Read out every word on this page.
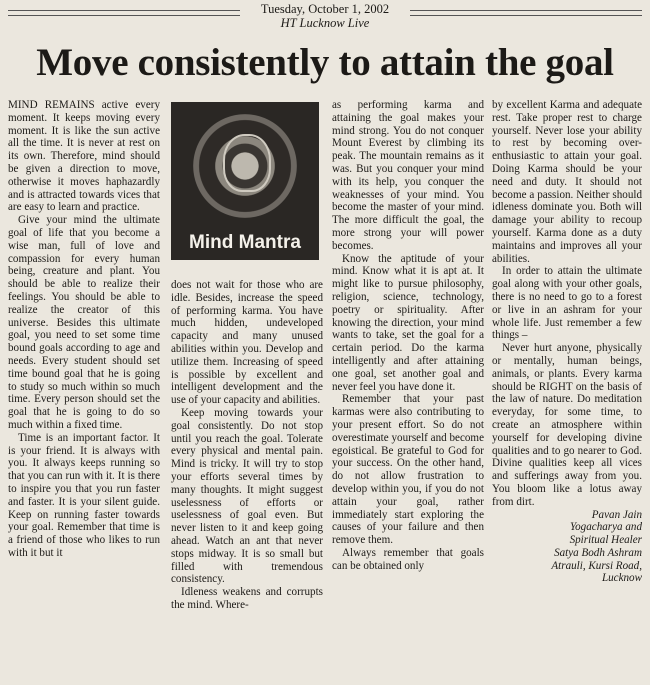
Tuesday, October 1, 2002
HT Lucknow Live
Move consistently to attain the goal
Mind Mantra

MIND REMAINS active every moment. It keeps moving every moment. It is like the sun active all the time. It is never at rest on its own. Therefore, mind should be given a direction to move, otherwise it moves haphazardly and is attracted towards vices that are easy to learn and practice.

Give your mind the ultimate goal of life that you become a wise man, full of love and compassion for every human being, creature and plant. You should be able to realize their feelings. You should be able to realize the creator of this universe. Besides this ultimate goal, you need to set some time bound goals according to age and needs. Every student should set time bound goal that he is going to study so much within so much time. Every person should set the goal that he is going to do so much within a fixed time.

Time is an important factor. It is your friend. It is always with you. It always keeps running so that you can run with it. It is there to inspire you that you run faster and faster. It is your silent guide. Keep on running faster towards your goal. Remember that time is a friend of those who likes to run with it but it

does not wait for those who are idle. Besides, increase the speed of performing karma. You have much hidden, undeveloped capacity and many unused abilities within you. Develop and utilize them. Increasing of speed is possible by excellent and intelligent development and the use of your capacity and abilities.

Keep moving towards your goal consistently. Do not stop until you reach the goal. Tolerate every physical and mental pain. Mind is tricky. It will try to stop your efforts several times by many thoughts. It might suggest uselessness of efforts or uselessness of goal even. But never listen to it and keep going ahead. Watch an ant that never stops midway. It is so small but filled with tremendous consistency.

Idleness weakens and corrupts the mind. Where-

as performing karma and attaining the goal makes your mind strong. You do not conquer Mount Everest by climbing its peak. The mountain remains as it was. But you conquer your mind with its help, you conquer the weaknesses of your mind. You become the master of your mind. The more difficult the goal, the more strong your will power becomes.

Know the aptitude of your mind. Know what it is apt at. It might like to pursue philosophy, religion, science, technology, poetry or spirituality. After knowing the direction, your mind wants to take, set the goal for a certain period. Do the karma intelligently and after attaining one goal, set another goal and never feel you have done it.

Remember that your past karmas were also contributing to your present effort. So do not overestimate yourself and become egoistical. Be grateful to God for your success. On the other hand, do not allow frustration to develop within you, if you do not attain your goal, rather immediately start exploring the causes of your failure and then remove them.

Always remember that goals can be obtained only

by excellent Karma and adequate rest. Take proper rest to charge yourself. Never lose your ability to rest by becoming over-enthusiastic to attain your goal. Doing Karma should be your need and duty. It should not become a passion. Neither should idleness dominate you. Both will damage your ability to recoup yourself. Karma done as a duty maintains and improves all your abilities.

In order to attain the ultimate goal along with your other goals, there is no need to go to a forest or live in an ashram for your whole life. Just remember a few things –

Never hurt anyone, physically or mentally, human beings, animals, or plants. Every karma should be RIGHT on the basis of the law of nature. Do meditation everyday, for some time, to create an atmosphere within yourself for developing divine qualities and to go nearer to God. Divine qualities keep all vices and sufferings away from you. You bloom like a lotus away from dirt.

Pavan Jain

Yogacharya and

Spiritual Healer

Satya Bodh Ashram

Atrauli, Kursi Road,

Lucknow
